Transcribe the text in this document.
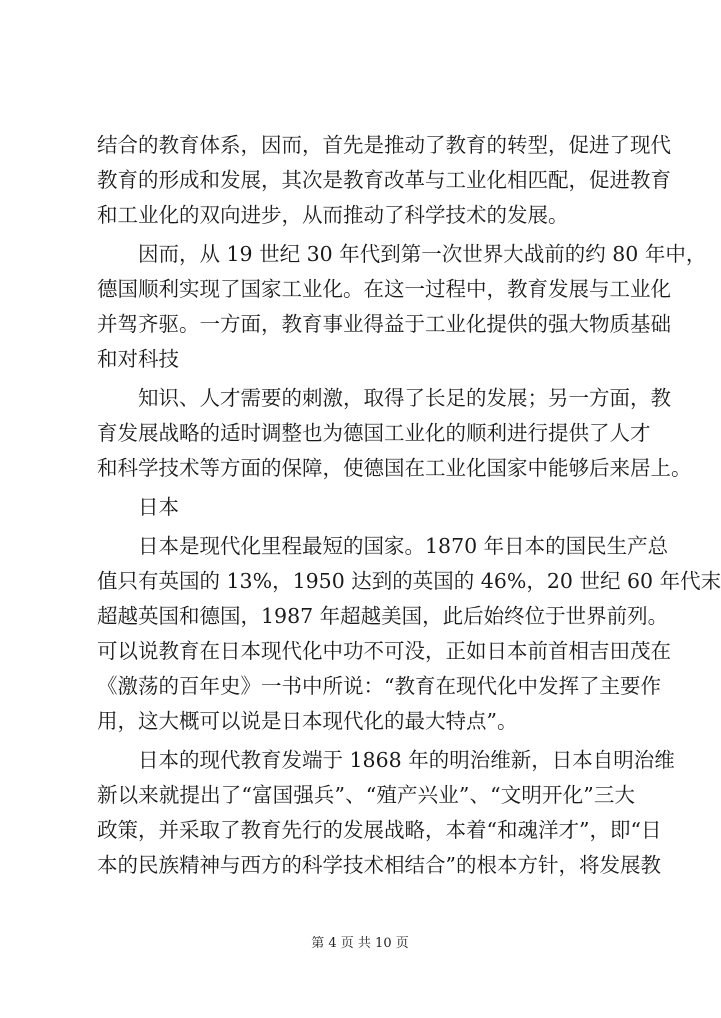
结合的教育体系，因而，首先是推动了教育的转型，促进了现代
教育的形成和发展，其次是教育改革与工业化相匹配，促进教育
和工业化的双向进步，从而推动了科学技术的发展。
因而，从 19 世纪 30 年代到第一次世界大战前的约 80 年中，
德国顺利实现了国家工业化。在这一过程中，教育发展与工业化
并驾齐驱。一方面，教育事业得益于工业化提供的强大物质基础
和对科技
知识、人才需要的刺激，取得了长足的发展；另一方面，教
育发展战略的适时调整也为德国工业化的顺利进行提供了人才
和科学技术等方面的保障，使德国在工业化国家中能够后来居上。
日本
日本是现代化里程最短的国家。1870 年日本的国民生产总
值只有英国的 13%，1950 达到的英国的 46%，20 世纪 60 年代末
超越英国和德国，1987 年超越美国，此后始终位于世界前列。
可以说教育在日本现代化中功不可没，正如日本前首相吉田茂在
《激荡的百年史》一书中所说：“教育在现代化中发挥了主要作
用，这大概可以说是日本现代化的最大特点”。
日本的现代教育发端于 1868 年的明治维新，日本自明治维
新以来就提出了“富国强兵”、“殖产兴业”、“文明开化”三大
政策，并采取了教育先行的发展战略，本着“和魂洋才”，即“日
本的民族精神与西方的科学技术相结合”的根本方针，将发展教
第 4 页 共 10 页
